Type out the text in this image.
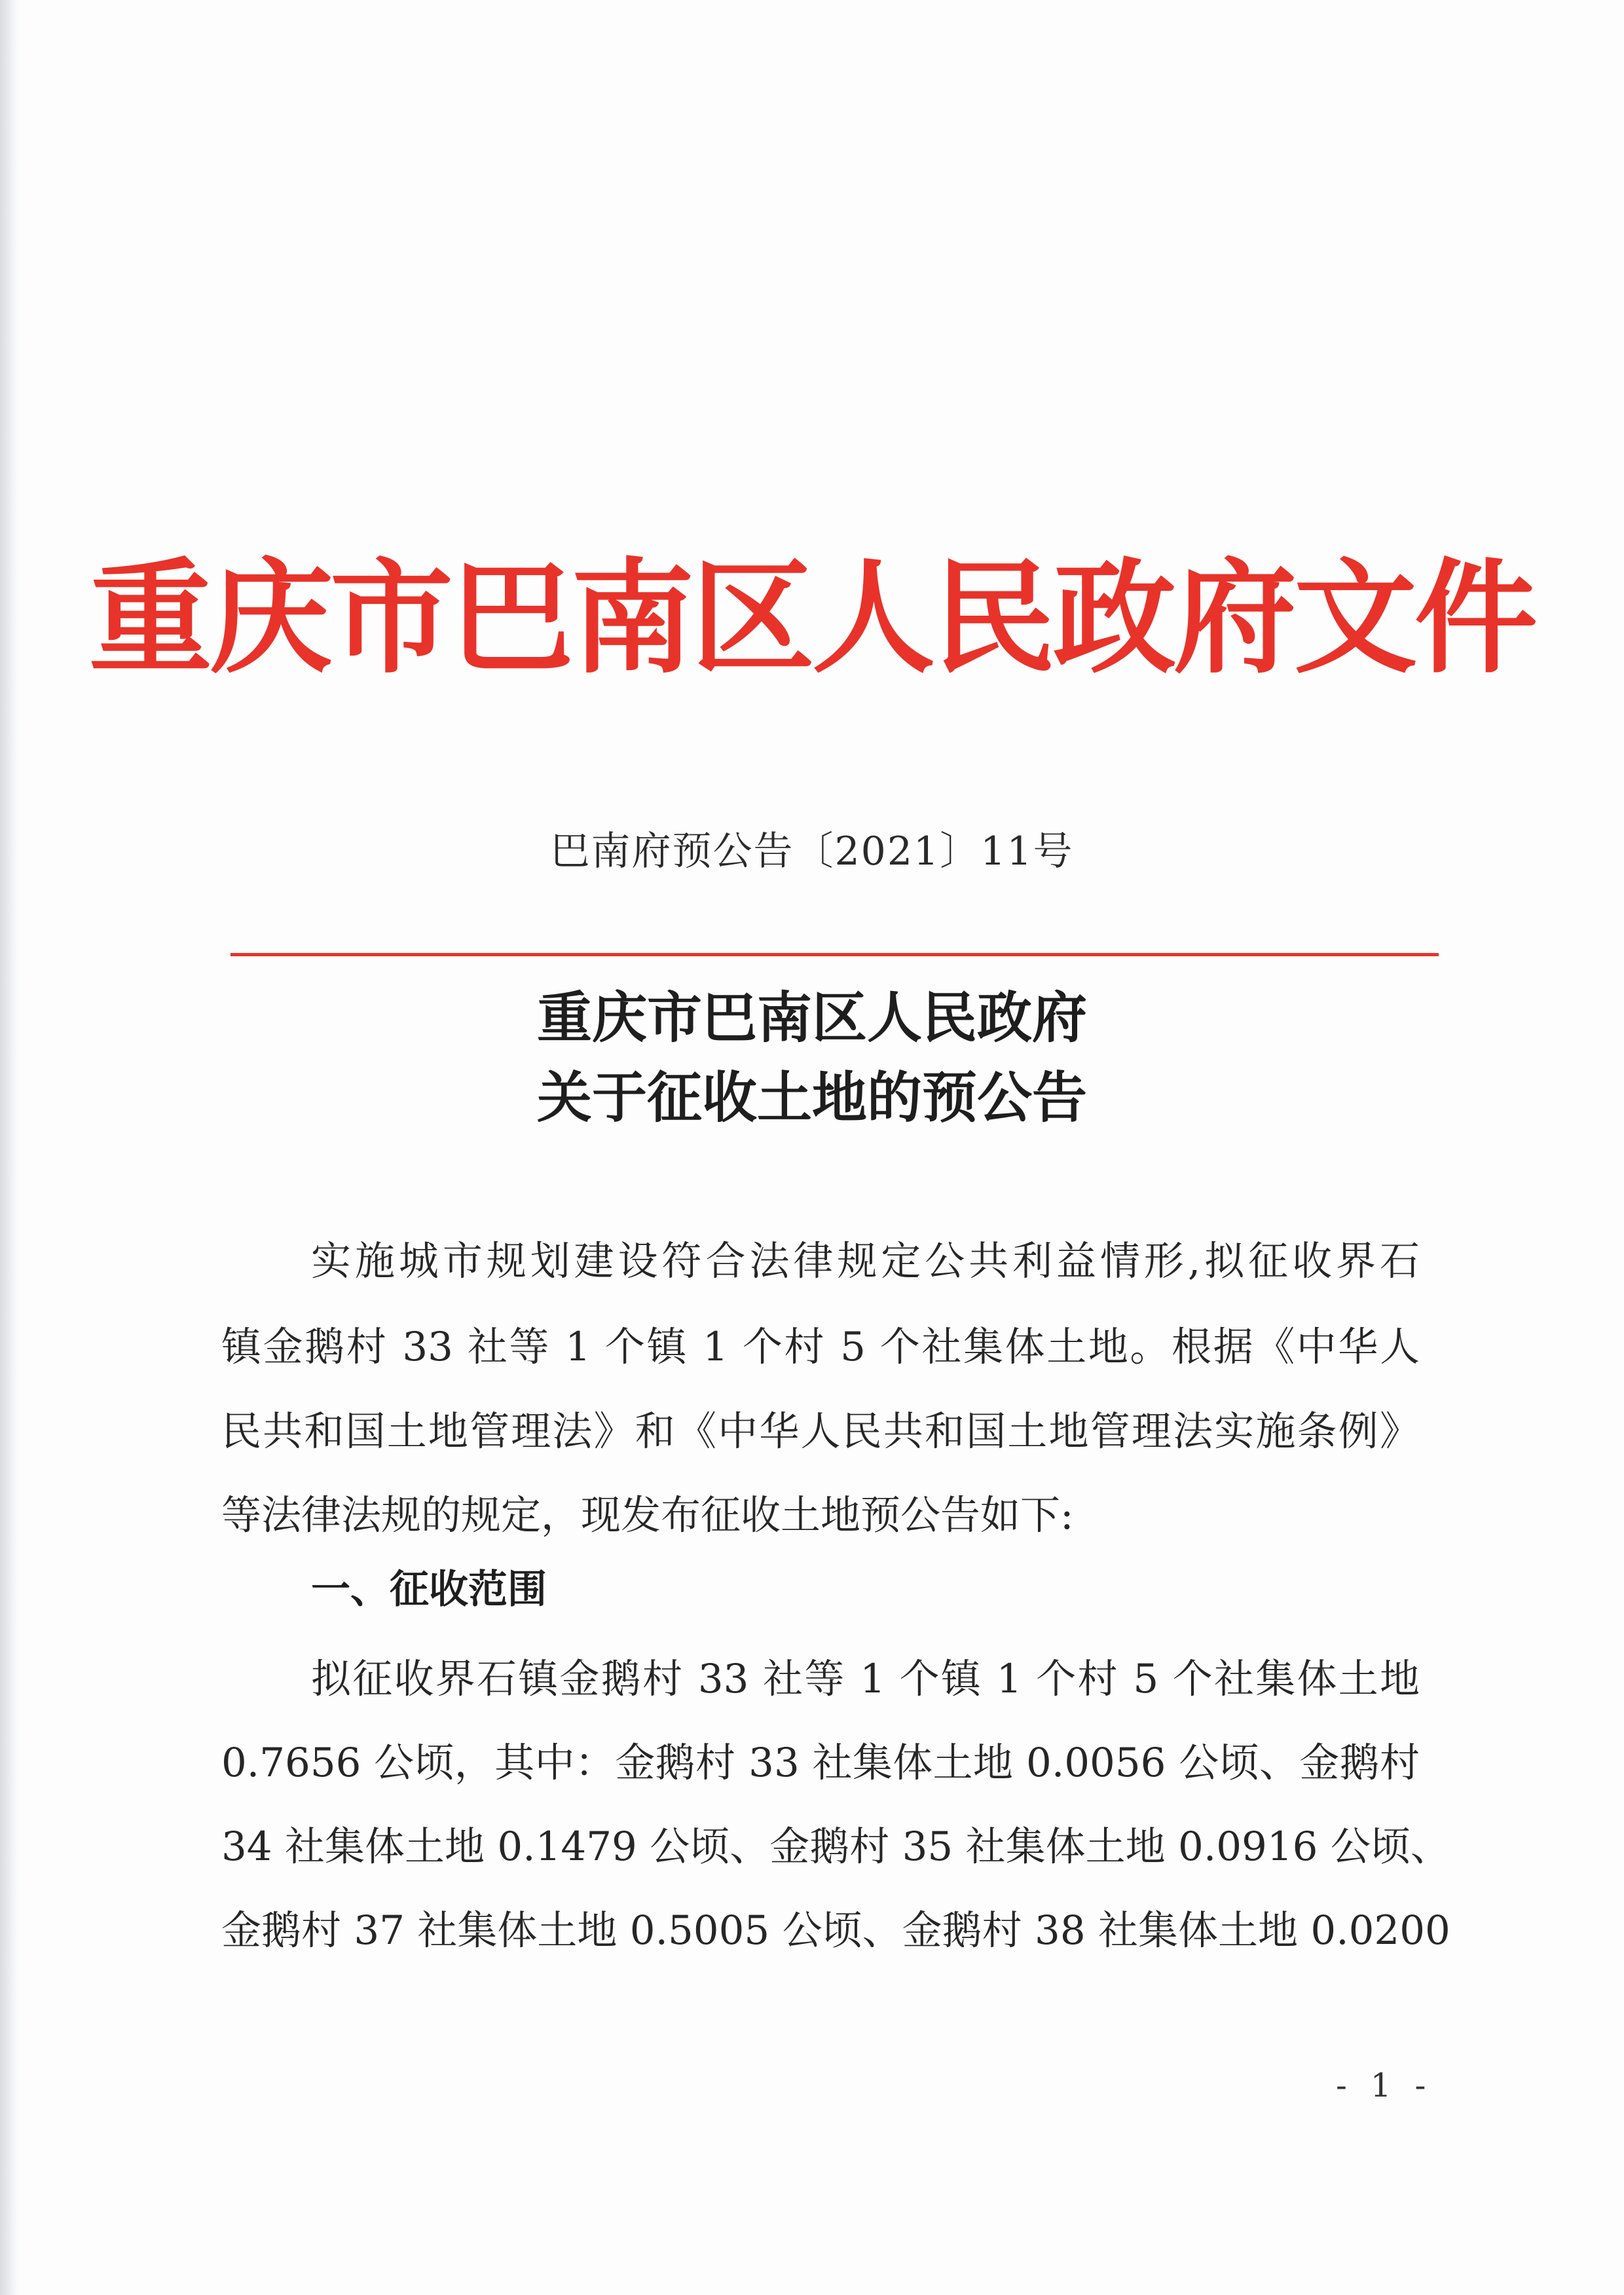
重庆市巴南区人民政府文件
巴南府预公告〔2021〕11号
重庆市巴南区人民政府
关于征收土地的预公告
实施城市规划建设符合法律规定公共利益情形,拟征收界石
镇金鹅村 33 社等 1 个镇 1 个村 5 个社集体土地。根据《中华人
民共和国土地管理法》和《中华人民共和国土地管理法实施条例》
等法律法规的规定，现发布征收土地预公告如下:
一、征收范围
拟征收界石镇金鹅村 33 社等 1 个镇 1 个村 5 个社集体土地
0.7656 公顷，其中：金鹅村 33 社集体土地 0.0056 公顷、金鹅村
34 社集体土地 0.1479 公顷、金鹅村 35 社集体土地 0.0916 公顷、
金鹅村 37 社集体土地 0.5005 公顷、金鹅村 38 社集体土地 0.0200
- 1 -
